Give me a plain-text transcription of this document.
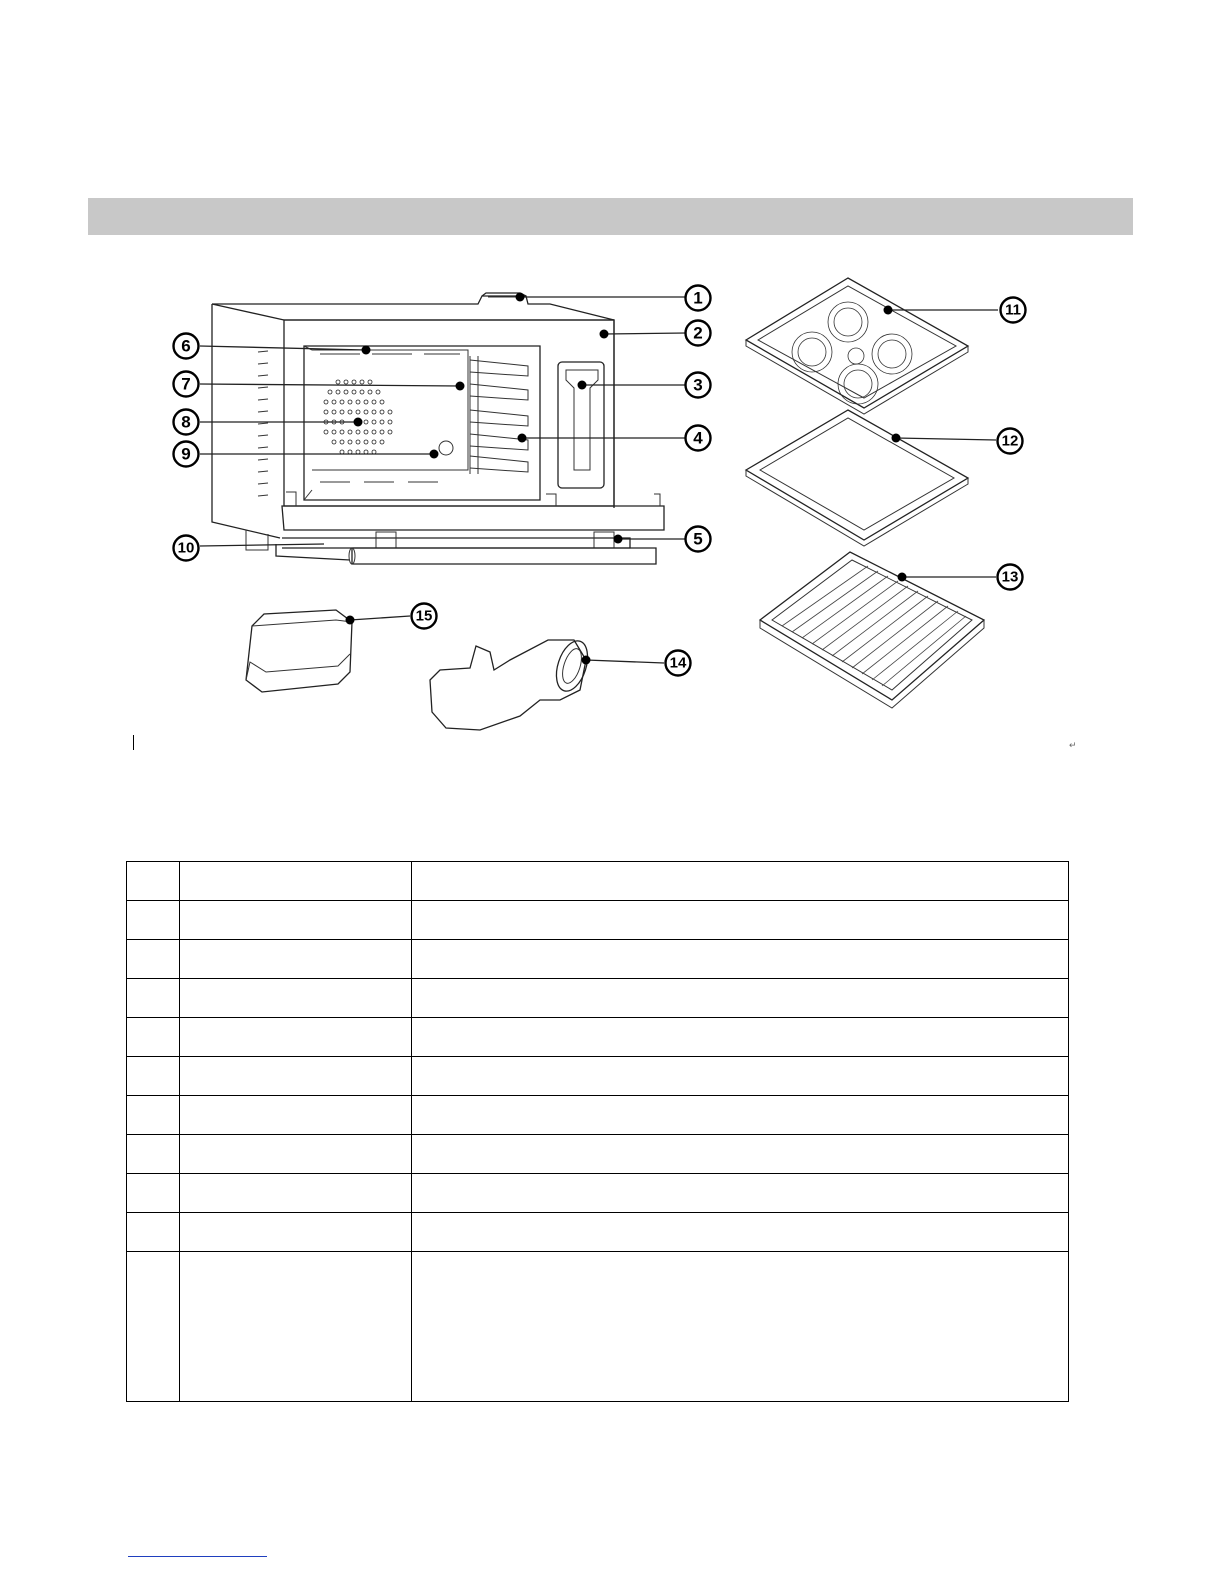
1
2
3
4
5
6
7
8
9
10
11
12
13
14
15
↵
